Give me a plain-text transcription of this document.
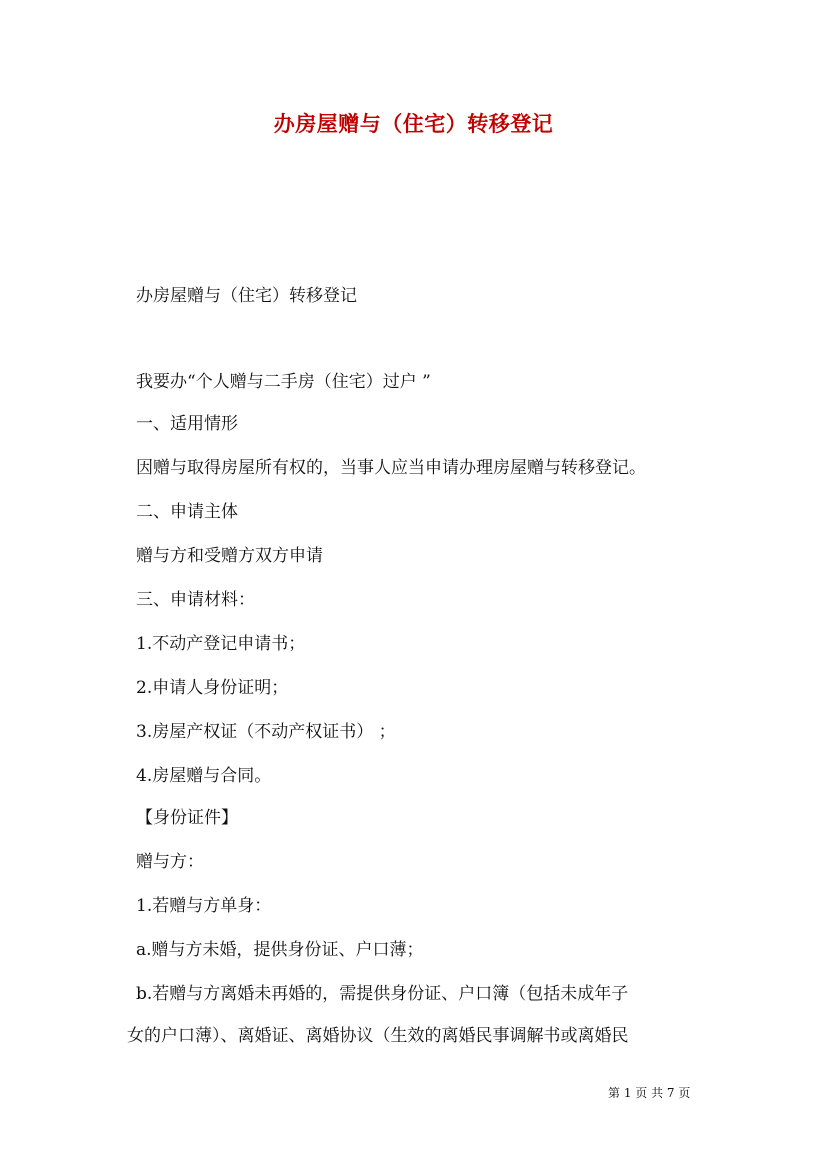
办房屋赠与（住宅）转移登记
办房屋赠与（住宅）转移登记
我要办“个人赠与二手房（住宅）过户 ”
一、适用情形
因赠与取得房屋所有权的，当事人应当申请办理房屋赠与转移登记。
二、申请主体
赠与方和受赠方双方申请
三、申请材料：
1.不动产登记申请书；
2.申请人身份证明；
3.房屋产权证（不动产权证书） ；
4.房屋赠与合同。
【身份证件】
赠与方：
1.若赠与方单身：
a.赠与方未婚，提供身份证、户口薄；
b.若赠与方离婚未再婚的，需提供身份证、户口簿（包括未成年子
女的户口薄）、离婚证、离婚协议（生效的离婚民事调解书或离婚民
第 1 页 共 7 页
